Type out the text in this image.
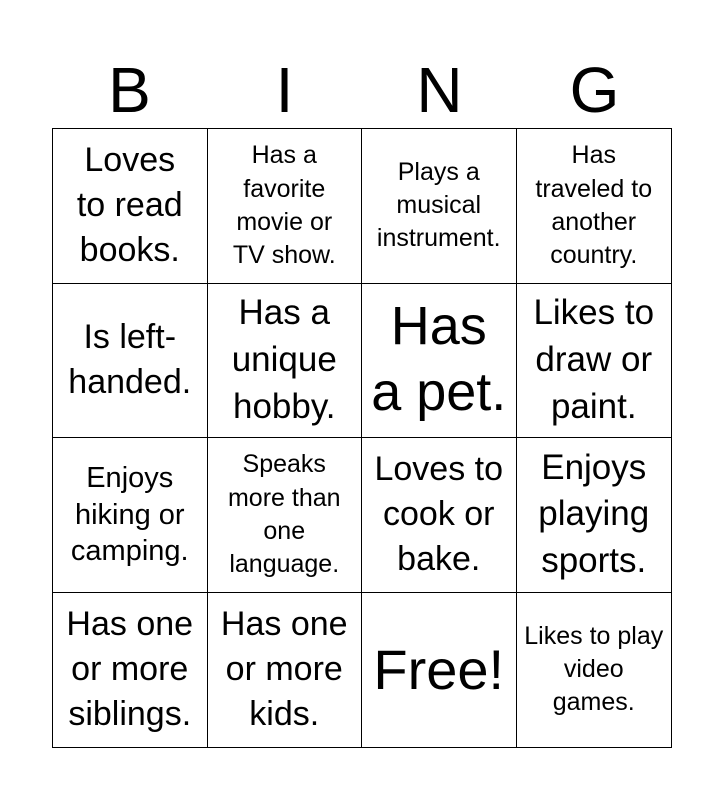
B	I	N	G
Loves to read books.
Has a favorite movie or TV show.
Plays a musical instrument.
Has traveled to another country.
Is left-handed.
Has a unique hobby.
Has a pet.
Likes to draw or paint.
Enjoys hiking or camping.
Speaks more than one language.
Loves to cook or bake.
Enjoys playing sports.
Has one or more siblings.
Has one or more kids.
Free!
Likes to play video games.
